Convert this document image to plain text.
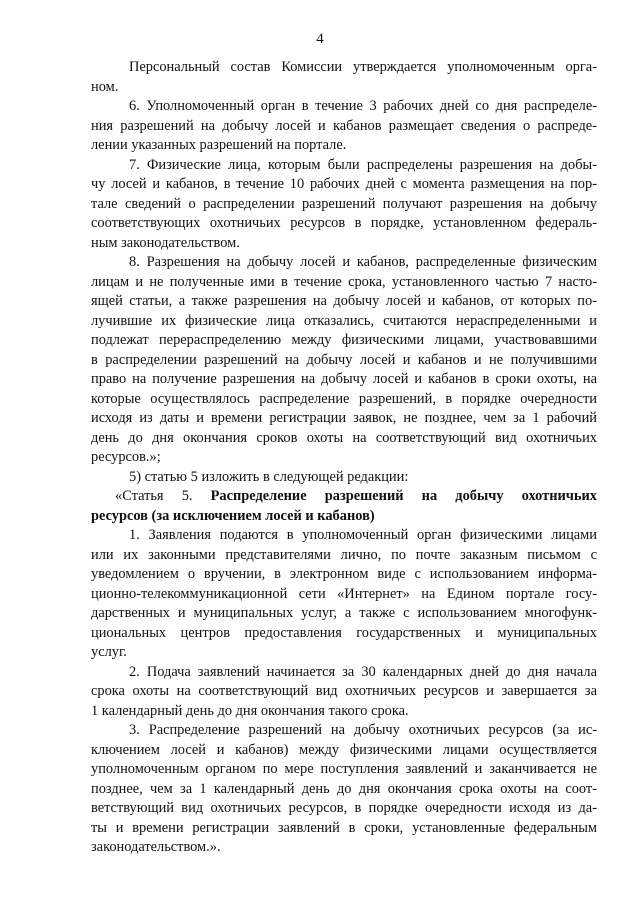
4
Персональный состав Комиссии утверждается уполномоченным орга-
ном.
6. Уполномоченный орган в течение 3 рабочих дней со дня распределе-
ния разрешений на добычу лосей и кабанов размещает сведения о распреде-
лении указанных разрешений на портале.
7. Физические лица, которым были распределены разрешения на добы-
чу лосей и кабанов, в течение 10 рабочих дней с момента размещения на пор-
тале сведений о распределении разрешений получают разрешения на добычу
соответствующих охотничьих ресурсов в порядке, установленном федераль-
ным законодательством.
8. Разрешения на добычу лосей и кабанов, распределенные физическим
лицам и не полученные ими в течение срока, установленного частью 7 насто-
ящей статьи, а также разрешения на добычу лосей и кабанов, от которых по-
лучившие их физические лица отказались, считаются нераспределенными и
подлежат перераспределению между физическими лицами, участвовавшими
в распределении разрешений на добычу лосей и кабанов и не получившими
право на получение разрешения на добычу лосей и кабанов в сроки охоты, на
которые осуществлялось распределение разрешений, в порядке очередности
исходя из даты и времени регистрации заявок, не позднее, чем за 1 рабочий
день до дня окончания сроков охоты на соответствующий вид охотничьих
ресурсов.»;
5) статью 5 изложить в следующей редакции:
«Статья 5. Распределение разрешений на добычу охотничьих
ресурсов (за исключением лосей и кабанов)
1. Заявления подаются в уполномоченный орган физическими лицами
или их законными представителями лично, по почте заказным письмом с
уведомлением о вручении, в электронном виде с использованием информа-
ционно-телекоммуникационной сети «Интернет» на Едином портале госу-
дарственных и муниципальных услуг, а также с использованием многофунк-
циональных центров предоставления государственных и муниципальных
услуг.
2. Подача заявлений начинается за 30 календарных дней до дня начала
срока охоты на соответствующий вид охотничьих ресурсов и завершается за
1 календарный день до дня окончания такого срока.
3. Распределение разрешений на добычу охотничьих ресурсов (за ис-
ключением лосей и кабанов) между физическими лицами осуществляется
уполномоченным органом по мере поступления заявлений и заканчивается не
позднее, чем за 1 календарный день до дня окончания срока охоты на соот-
ветствующий вид охотничьих ресурсов, в порядке очередности исходя из да-
ты и времени регистрации заявлений в сроки, установленные федеральным
законодательством.».
